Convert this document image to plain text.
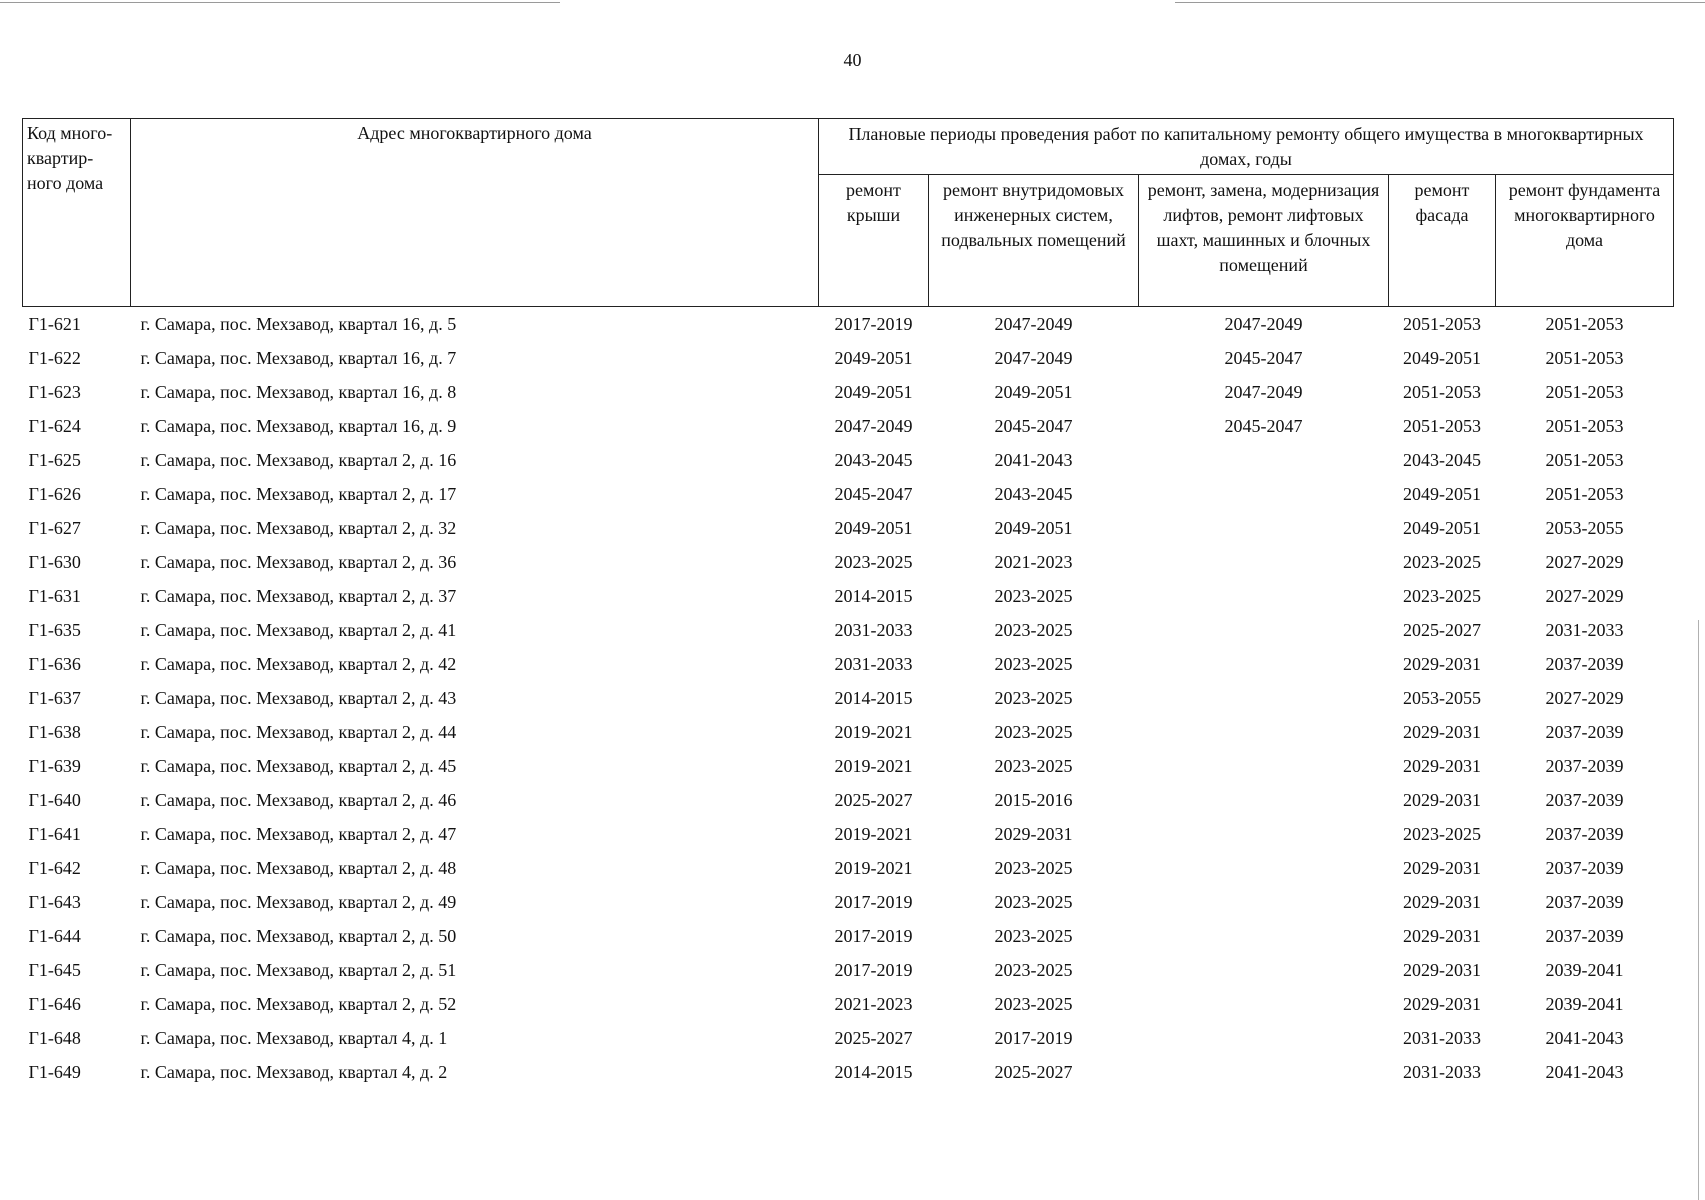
40
Код много-квартир-ного дома	Адрес многоквартирного дома	Плановые периоды проведения работ по капитальному ремонту общего имущества в многоквартирных домах, годы				
		ремонт крыши	ремонт внутридомовых инженерных систем, подвальных помещений	ремонт, замена, модернизация лифтов, ремонт лифтовых шахт, машинных и блочных помещений	ремонт фасада	ремонт фундамента многоквартирного дома
Г1-621	г. Самара, пос. Мехзавод, квартал 16, д. 5	2017-2019	2047-2049	2047-2049	2051-2053	2051-2053
Г1-622	г. Самара, пос. Мехзавод, квартал 16, д. 7	2049-2051	2047-2049	2045-2047	2049-2051	2051-2053
Г1-623	г. Самара, пос. Мехзавод, квартал 16, д. 8	2049-2051	2049-2051	2047-2049	2051-2053	2051-2053
Г1-624	г. Самара, пос. Мехзавод, квартал 16, д. 9	2047-2049	2045-2047	2045-2047	2051-2053	2051-2053
Г1-625	г. Самара, пос. Мехзавод, квартал 2, д. 16	2043-2045	2041-2043		2043-2045	2051-2053
Г1-626	г. Самара, пос. Мехзавод, квартал 2, д. 17	2045-2047	2043-2045		2049-2051	2051-2053
Г1-627	г. Самара, пос. Мехзавод, квартал 2, д. 32	2049-2051	2049-2051		2049-2051	2053-2055
Г1-630	г. Самара, пос. Мехзавод, квартал 2, д. 36	2023-2025	2021-2023		2023-2025	2027-2029
Г1-631	г. Самара, пос. Мехзавод, квартал 2, д. 37	2014-2015	2023-2025		2023-2025	2027-2029
Г1-635	г. Самара, пос. Мехзавод, квартал 2, д. 41	2031-2033	2023-2025		2025-2027	2031-2033
Г1-636	г. Самара, пос. Мехзавод, квартал 2, д. 42	2031-2033	2023-2025		2029-2031	2037-2039
Г1-637	г. Самара, пос. Мехзавод, квартал 2, д. 43	2014-2015	2023-2025		2053-2055	2027-2029
Г1-638	г. Самара, пос. Мехзавод, квартал 2, д. 44	2019-2021	2023-2025		2029-2031	2037-2039
Г1-639	г. Самара, пос. Мехзавод, квартал 2, д. 45	2019-2021	2023-2025		2029-2031	2037-2039
Г1-640	г. Самара, пос. Мехзавод, квартал 2, д. 46	2025-2027	2015-2016		2029-2031	2037-2039
Г1-641	г. Самара, пос. Мехзавод, квартал 2, д. 47	2019-2021	2029-2031		2023-2025	2037-2039
Г1-642	г. Самара, пос. Мехзавод, квартал 2, д. 48	2019-2021	2023-2025		2029-2031	2037-2039
Г1-643	г. Самара, пос. Мехзавод, квартал 2, д. 49	2017-2019	2023-2025		2029-2031	2037-2039
Г1-644	г. Самара, пос. Мехзавод, квартал 2, д. 50	2017-2019	2023-2025		2029-2031	2037-2039
Г1-645	г. Самара, пос. Мехзавод, квартал 2, д. 51	2017-2019	2023-2025		2029-2031	2039-2041
Г1-646	г. Самара, пос. Мехзавод, квартал 2, д. 52	2021-2023	2023-2025		2029-2031	2039-2041
Г1-648	г. Самара, пос. Мехзавод, квартал 4, д. 1	2025-2027	2017-2019		2031-2033	2041-2043
Г1-649	г. Самара, пос. Мехзавод, квартал 4, д. 2	2014-2015	2025-2027		2031-2033	2041-2043
